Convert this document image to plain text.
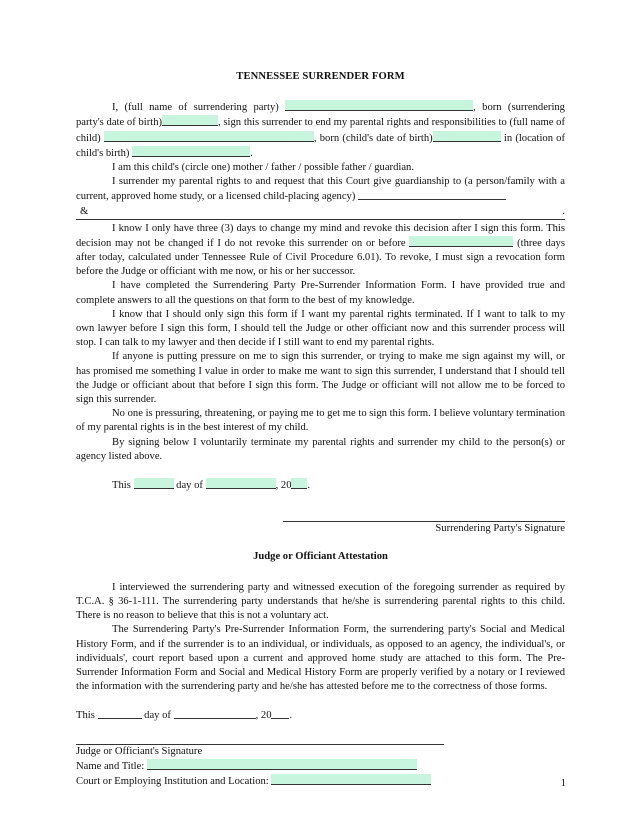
TENNESSEE SURRENDER FORM

I, (full name of surrendering party)	, born (surrendering party's date of birth)	, sign this surrender to end my parental rights and responsibilities to (full name of child)	, born (child's date of birth)	in (location of child's birth)	.

I am this child's (circle one) mother / father / possible father / guardian.

I surrender my parental rights to and request that this Court give guardianship to (a person/family with a current, approved home study, or a licensed child-placing agency)

&	.

I know I only have three (3) days to change my mind and revoke this decision after I sign this form. This decision may not be changed if I do not revoke this surrender on or before	(three days after today, calculated under Tennessee Rule of Civil Procedure 6.01). To revoke, I must sign a revocation form before the Judge or officiant with me now, or his or her successor.

I have completed the Surrendering Party Pre-Surrender Information Form. I have provided true and complete answers to all the questions on that form to the best of my knowledge.

I know that I should only sign this form if I want my parental rights terminated. If I want to talk to my own lawyer before I sign this form, I should tell the Judge or other officiant now and this surrender process will stop. I can talk to my lawyer and then decide if I still want to end my parental rights.

If anyone is putting pressure on me to sign this surrender, or trying to make me sign against my will, or has promised me something I value in order to make me want to sign this surrender, I understand that I should tell the Judge or officiant about that before I sign this form. The Judge or officiant will not allow me to be forced to sign this surrender.

No one is pressuring, threatening, or paying me to get me to sign this form. I believe voluntary termination of my parental rights is in the best interest of my child.

By signing below I voluntarily terminate my parental rights and surrender my child to the person(s) or agency listed above.

This	day of	, 20 .

Surrendering Party's Signature
Judge or Officiant Attestation

I interviewed the surrendering party and witnessed execution of the foregoing surrender as required by T.C.A. § 36-1-111. The surrendering party understands that he/she is surrendering parental rights to this child. There is no reason to believe that this is not a voluntary act.

The Surrendering Party's Pre-Surrender Information Form, the surrendering party's Social and Medical History Form, and if the surrender is to an individual, or individuals, as opposed to an agency, the individual's, or individuals', court report based upon a current and approved home study are attached to this form. The Pre-Surrender Information Form and Social and Medical History Form are properly verified by a notary or I reviewed the information with the surrendering party and he/she has attested before me to the correctness of those forms.

This	day of	, 20 .

Judge or Officiant's Signature
Name and Title:
Court or Employing Institution and Location:	1
